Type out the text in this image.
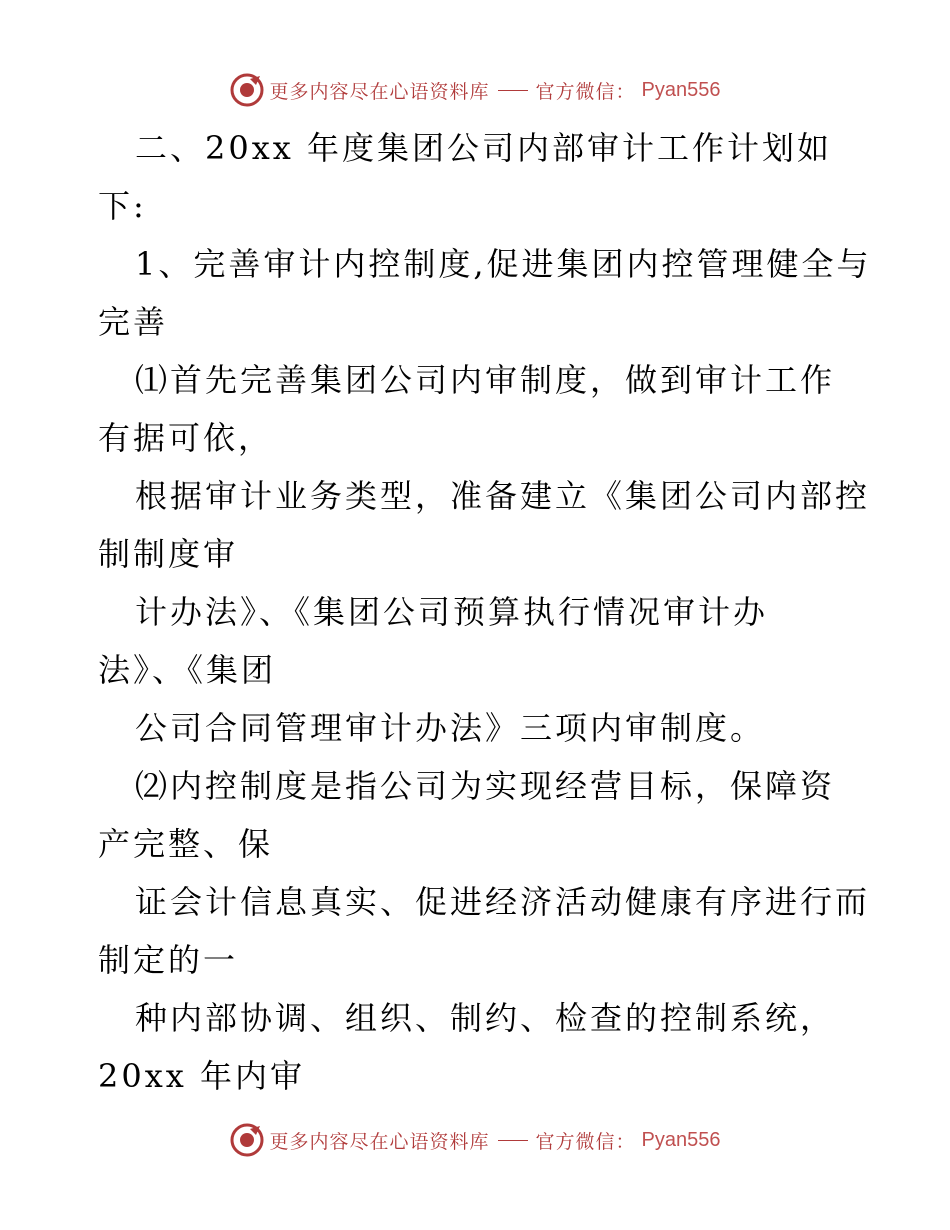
更多内容尽在心语资料库 官方微信： Pyan556
二、20xx 年度集团公司内部审计工作计划如
下:
1、完善审计内控制度,促进集团内控管理健全与
完善
⑴首先完善集团公司内审制度，做到审计工作
有据可依，
根据审计业务类型，准备建立《集团公司内部控
制制度审
计办法》、《集团公司预算执行情况审计办
法》、《集团
公司合同管理审计办法》三项内审制度。
⑵内控制度是指公司为实现经营目标，保障资
产完整、保
证会计信息真实、促进经济活动健康有序进行而
制定的一
种内部协调、组织、制约、检查的控制系统，
20xx 年内审
更多内容尽在心语资料库 官方微信： Pyan556
